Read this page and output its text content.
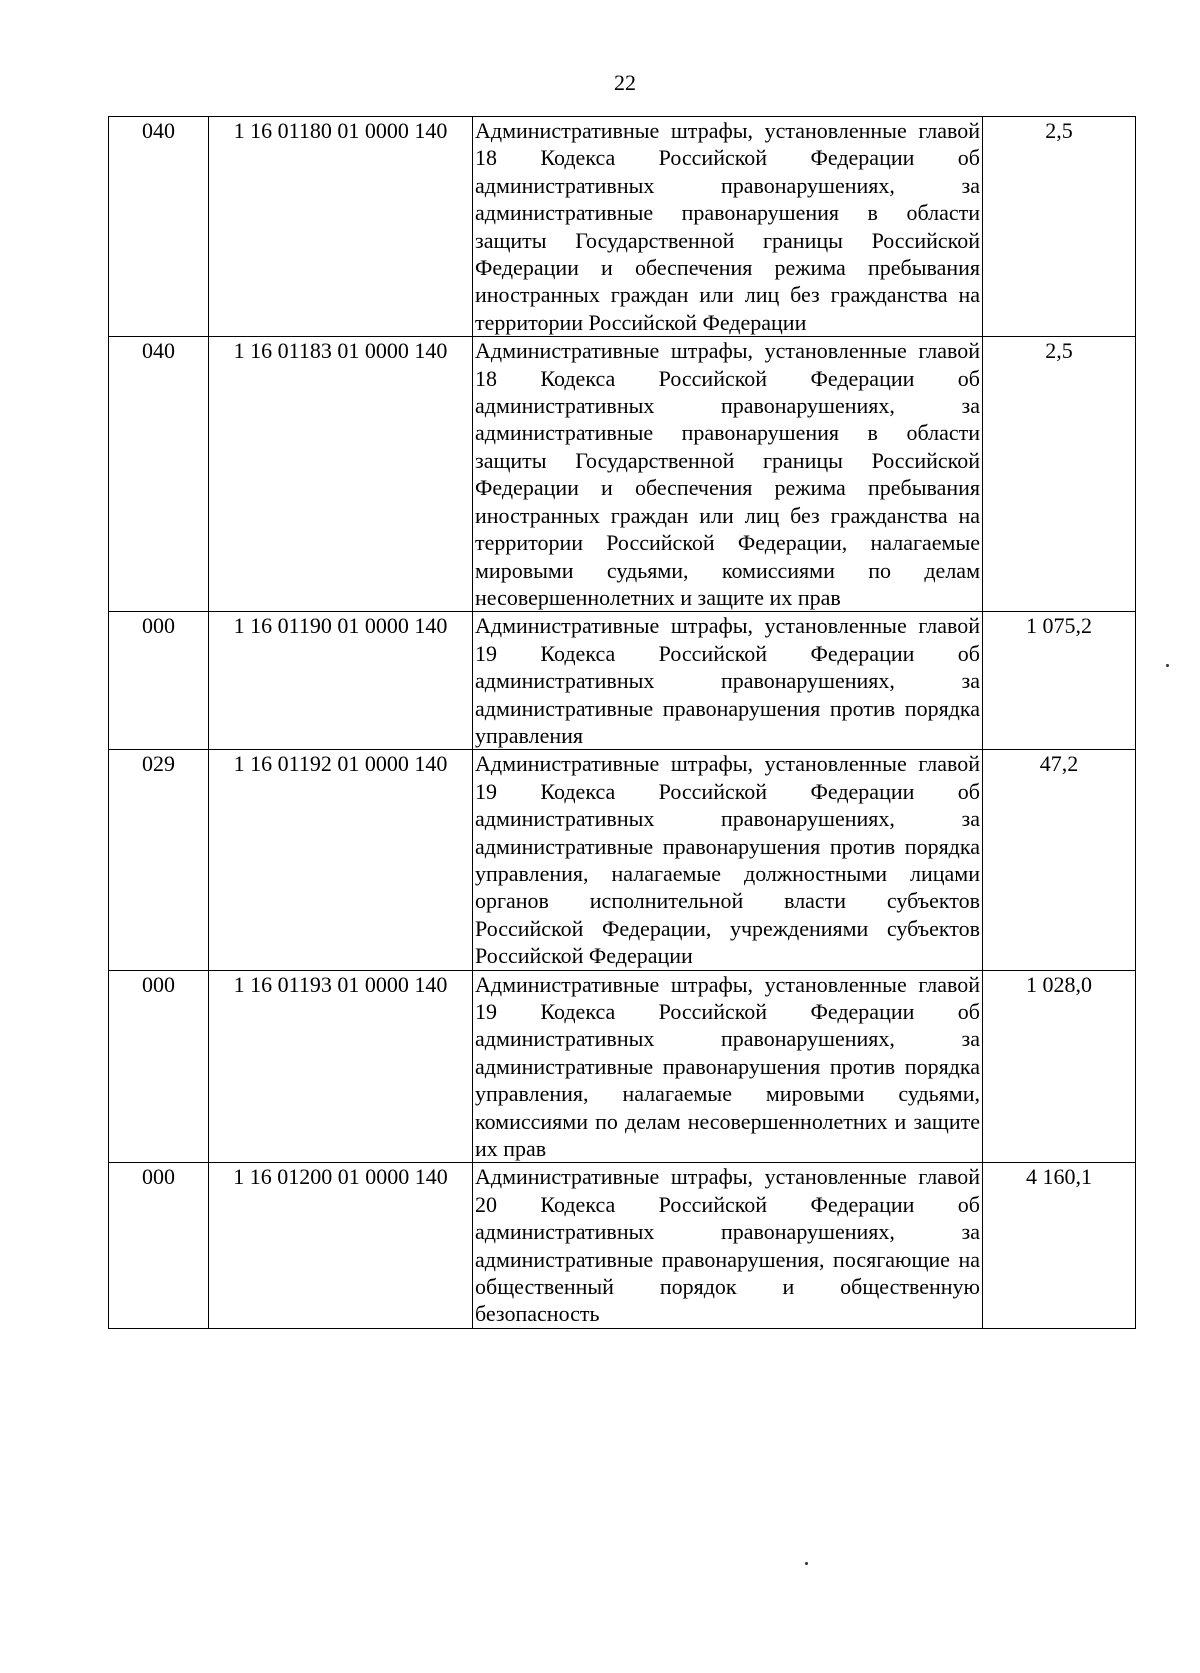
22
040	1 16 01180 01 0000 140	Административные штрафы, установленные главой 18 Кодекса Российской Федерации об административных правонарушениях, за административные правонарушения в области защиты Государственной границы Российской Федерации и обеспечения режима пребывания иностранных граждан или лиц без гражданства на территории Российской Федерации	2,5
040	1 16 01183 01 0000 140	Административные штрафы, установленные главой 18 Кодекса Российской Федерации об административных правонарушениях, за административные правонарушения в области защиты Государственной границы Российской Федерации и обеспечения режима пребывания иностранных граждан или лиц без гражданства на территории Российской Федерации, налагаемые мировыми судьями, комиссиями по делам несовершеннолетних и защите их прав	2,5
000	1 16 01190 01 0000 140	Административные штрафы, установленные главой 19 Кодекса Российской Федерации об административных правонарушениях, за административные правонарушения против порядка управления	1 075,2
029	1 16 01192 01 0000 140	Административные штрафы, установленные главой 19 Кодекса Российской Федерации об административных правонарушениях, за административные правонарушения против порядка управления, налагаемые должностными лицами органов исполнительной власти субъектов Российской Федерации, учреждениями субъектов Российской Федерации	47,2
000	1 16 01193 01 0000 140	Административные штрафы, установленные главой 19 Кодекса Российской Федерации об административных правонарушениях, за административные правонарушения против порядка управления, налагаемые мировыми судьями, комиссиями по делам несовершеннолетних и защите их прав	1 028,0
000	1 16 01200 01 0000 140	Административные штрафы, установленные главой 20 Кодекса Российской Федерации об административных правонарушениях, за административные правонарушения, посягающие на общественный порядок и общественную безопасность	4 160,1
